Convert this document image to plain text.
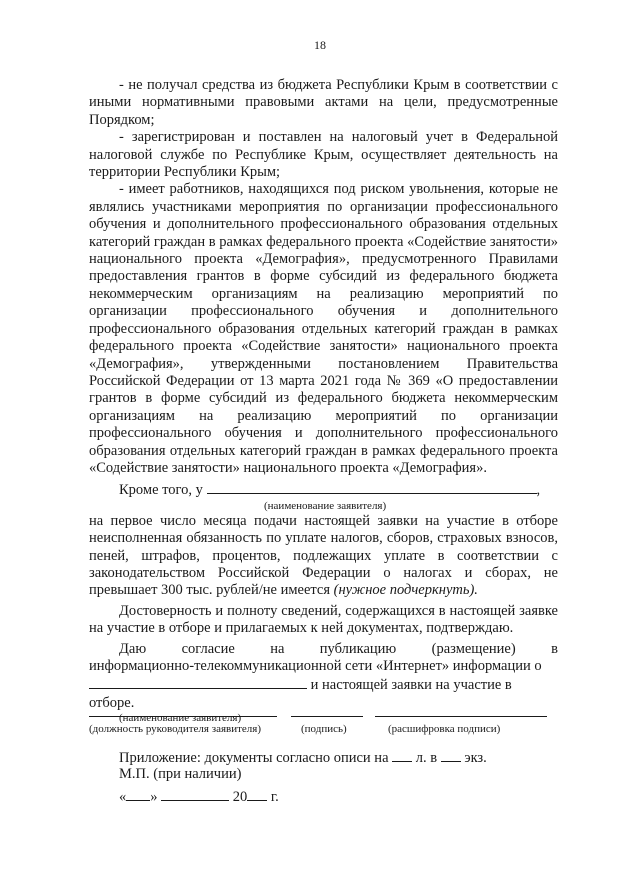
18

- не получал средства из бюджета Республики Крым в соответствии с иными нормативными правовыми актами на цели, предусмотренные Порядком;

- зарегистрирован и поставлен на налоговый учет в Федеральной налоговой службе по Республике Крым, осуществляет деятельность на территории Республики Крым;

- имеет работников, находящихся под риском увольнения, которые не являлись участниками мероприятия по организации профессионального обучения и дополнительного профессионального образования отдельных категорий граждан в рамках федерального проекта «Содействие занятости» национального проекта «Демография», предусмотренного Правилами предоставления грантов в форме субсидий из федерального бюджета некоммерческим организациям на реализацию мероприятий по организации профессионального обучения и дополнительного профессионального образования отдельных категорий граждан в рамках федерального проекта «Содействие занятости» национального проекта «Демография», утвержденными постановлением Правительства Российской Федерации от 13 марта 2021 года № 369 «О предоставлении грантов в форме субсидий из федерального бюджета некоммерческим организациям на реализацию мероприятий по организации профессионального обучения и дополнительного профессионального образования отдельных категорий граждан в рамках федерального проекта «Содействие занятости» национального проекта «Демография».

Кроме того, у	,

(наименование заявителя)

на первое число месяца подачи настоящей заявки на участие в отборе неисполненная обязанность по уплате налогов, сборов, страховых взносов, пеней, штрафов, процентов, подлежащих уплате в соответствии с законодательством Российской Федерации о налогах и сборах, не превышает 300 тыс. рублей/не имеется (нужное подчеркнуть).

Достоверность и полноту сведений, содержащихся в настоящей заявке на участие в отборе и прилагаемых к ней документах, подтверждаю.

Даю согласие на публикацию (размещение) в

информационно-телекоммуникационной сети «Интернет» информации о

и настоящей заявки на участие в отборе.

(наименование заявителя)

Приложение: документы согласно описи на л. в экз.

(должность руководителя заявителя)	(подпись)	(расшифровка подписи)
М.П. (при наличии)
« »	20 г.
